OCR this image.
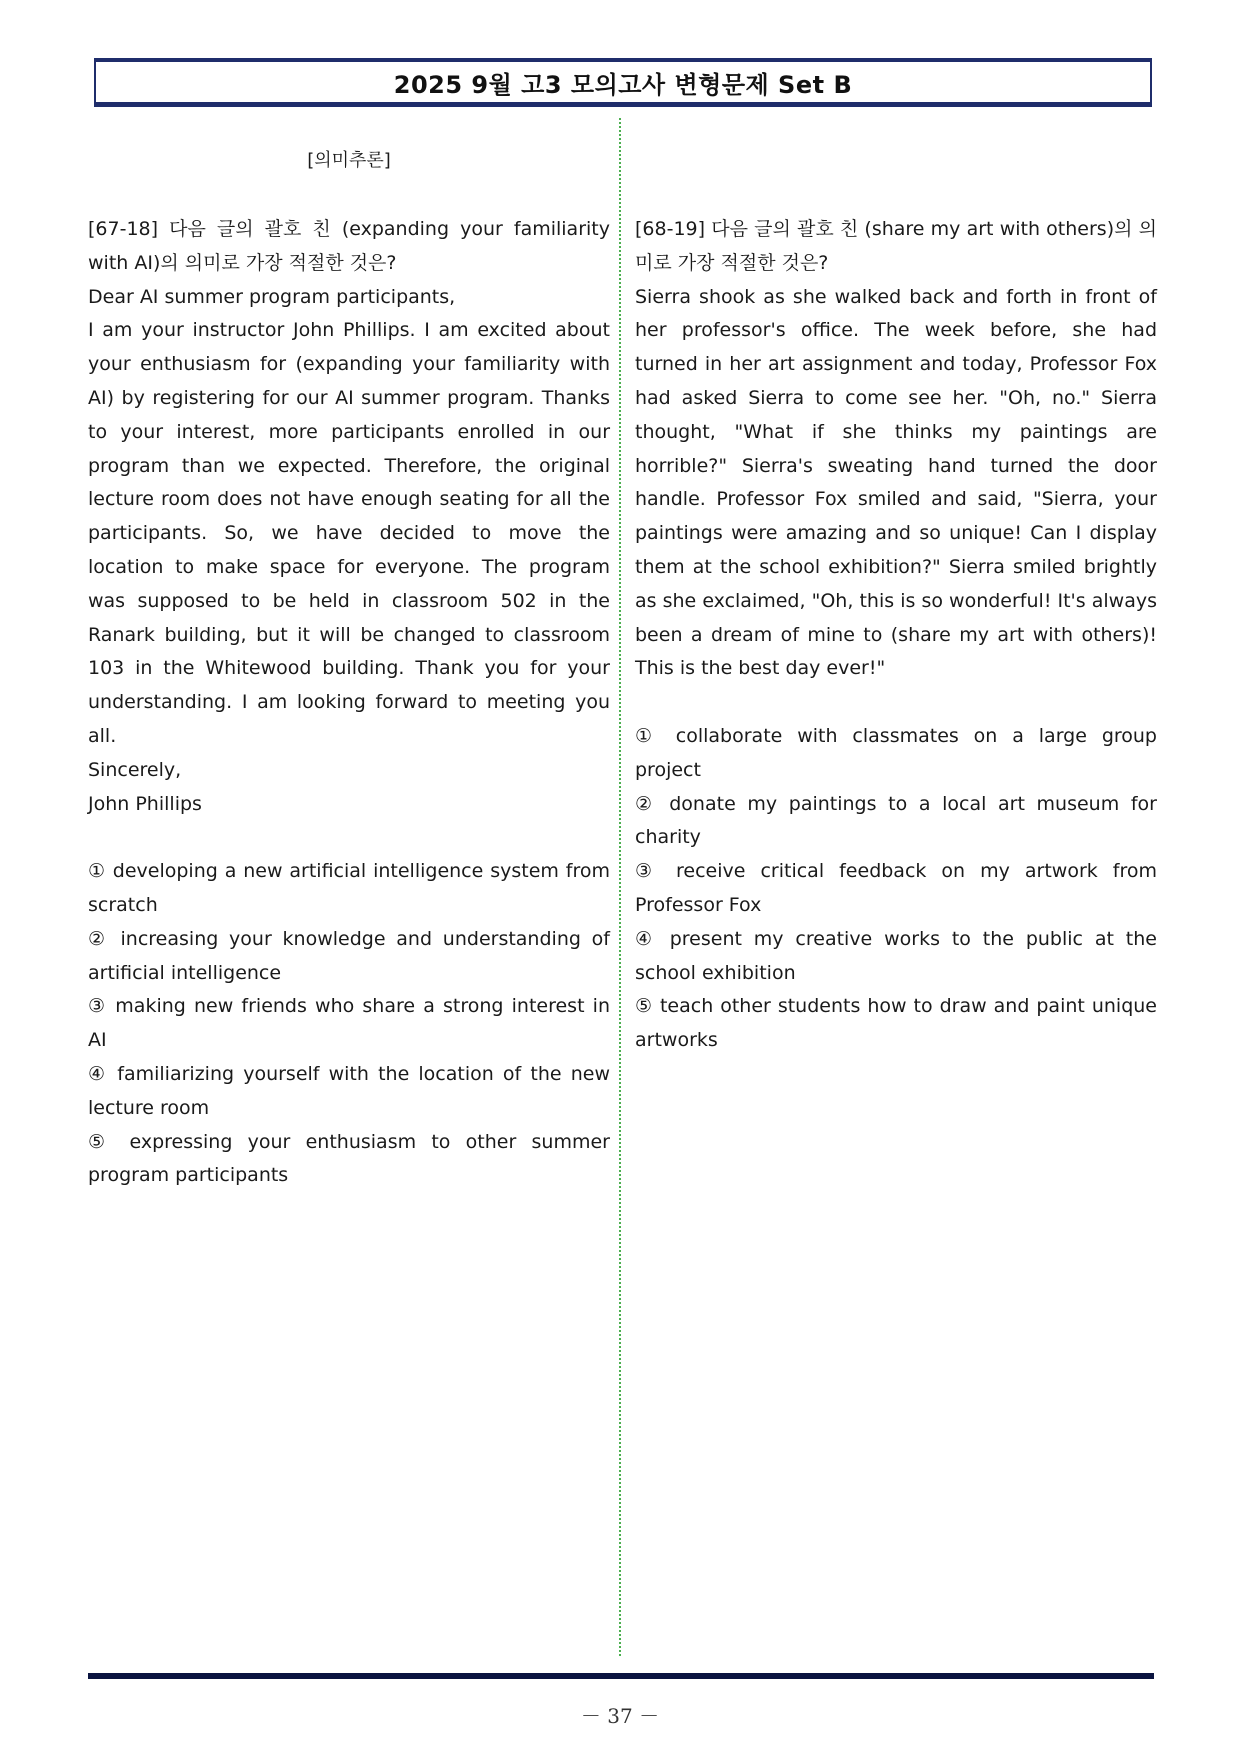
2025 9월 고3 모의고사 변형문제 Set B
[의미추론]

[67-18] 다음 글의 괄호 친 (expanding your familiarity with AI)의 의미로 가장 적절한 것은?

Dear AI summer program participants,

I am your instructor John Phillips. I am excited about your enthusiasm for (expanding your familiarity with AI) by registering for our AI summer program. Thanks to your interest, more participants enrolled in our program than we expected. Therefore, the original lecture room does not have enough seating for all the participants. So, we have decided to move the location to make space for everyone. The program was supposed to be held in classroom 502 in the Ranark building, but it will be changed to classroom 103 in the Whitewood building. Thank you for your understanding. I am looking forward to meeting you all.

Sincerely,

John Phillips

① developing a new artificial intelligence system from scratch

② increasing your knowledge and understanding of artificial intelligence

③ making new friends who share a strong interest in AI

④ familiarizing yourself with the location of the new lecture room

⑤ expressing your enthusiasm to other summer program participants

[68-19] 다음 글의 괄호 친 (share my art with others)의 의미로 가장 적절한 것은?

Sierra shook as she walked back and forth in front of her professor's office. The week before, she had turned in her art assignment and today, Professor Fox had asked Sierra to come see her. "Oh, no." Sierra thought, "What if she thinks my paintings are horrible?" Sierra's sweating hand turned the door handle. Professor Fox smiled and said, "Sierra, your paintings were amazing and so unique! Can I display them at the school exhibition?" Sierra smiled brightly as she exclaimed, "Oh, this is so wonderful! It's always been a dream of mine to (share my art with others)! This is the best day ever!"

① collaborate with classmates on a large group project

② donate my paintings to a local art museum for charity

③ receive critical feedback on my artwork from Professor Fox

④ present my creative works to the public at the school exhibition

⑤ teach other students how to draw and paint unique artworks

－ 37 －
